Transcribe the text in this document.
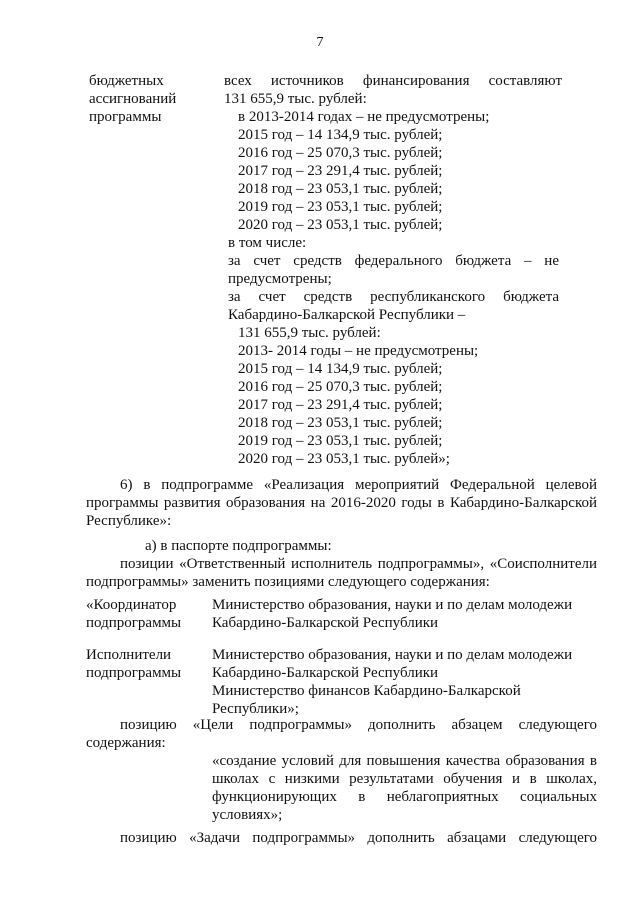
7
бюджетных
ассигнований
программы
всех источников финансирования составляют
131 655,9 тыс. рублей:
в 2013-2014 годах – не предусмотрены;
2015 год – 14 134,9 тыс. рублей;
2016 год – 25 070,3 тыс. рублей;
2017 год – 23 291,4 тыс. рублей;
2018 год – 23 053,1 тыс. рублей;
2019 год – 23 053,1 тыс. рублей;
2020 год – 23 053,1 тыс. рублей;
в том числе:
за счет средств федерального бюджета – не
предусмотрены;
за счет средств республиканского бюджета
Кабардино-Балкарской Республики –
131 655,9 тыс. рублей:
2013- 2014 годы – не предусмотрены;
2015 год – 14 134,9 тыс. рублей;
2016 год – 25 070,3 тыс. рублей;
2017 год – 23 291,4 тыс. рублей;
2018 год – 23 053,1 тыс. рублей;
2019 год – 23 053,1 тыс. рублей;
2020 год – 23 053,1 тыс. рублей»;
6) в подпрограмме «Реализация мероприятий Федеральной целевой
программы развития образования на 2016-2020 годы в Кабардино-Балкарской
Республике»:
а) в паспорте подпрограммы:
позиции «Ответственный исполнитель подпрограммы», «Соисполнители
подпрограммы» заменить позициями следующего содержания:
«Координатор
подпрограммы
Министерство образования, науки и по делам молодежи
Кабардино-Балкарской Республики
Исполнители
подпрограммы
Министерство образования, науки и по делам молодежи
Кабардино-Балкарской Республики
Министерство финансов Кабардино-Балкарской
Республики»;
позицию «Цели подпрограммы» дополнить абзацем следующего
содержания:
«создание условий для повышения качества образования в
школах с низкими результатами обучения и в школах,
функционирующих в неблагоприятных социальных
условиях»;
позицию «Задачи подпрограммы» дополнить абзацами следующего
